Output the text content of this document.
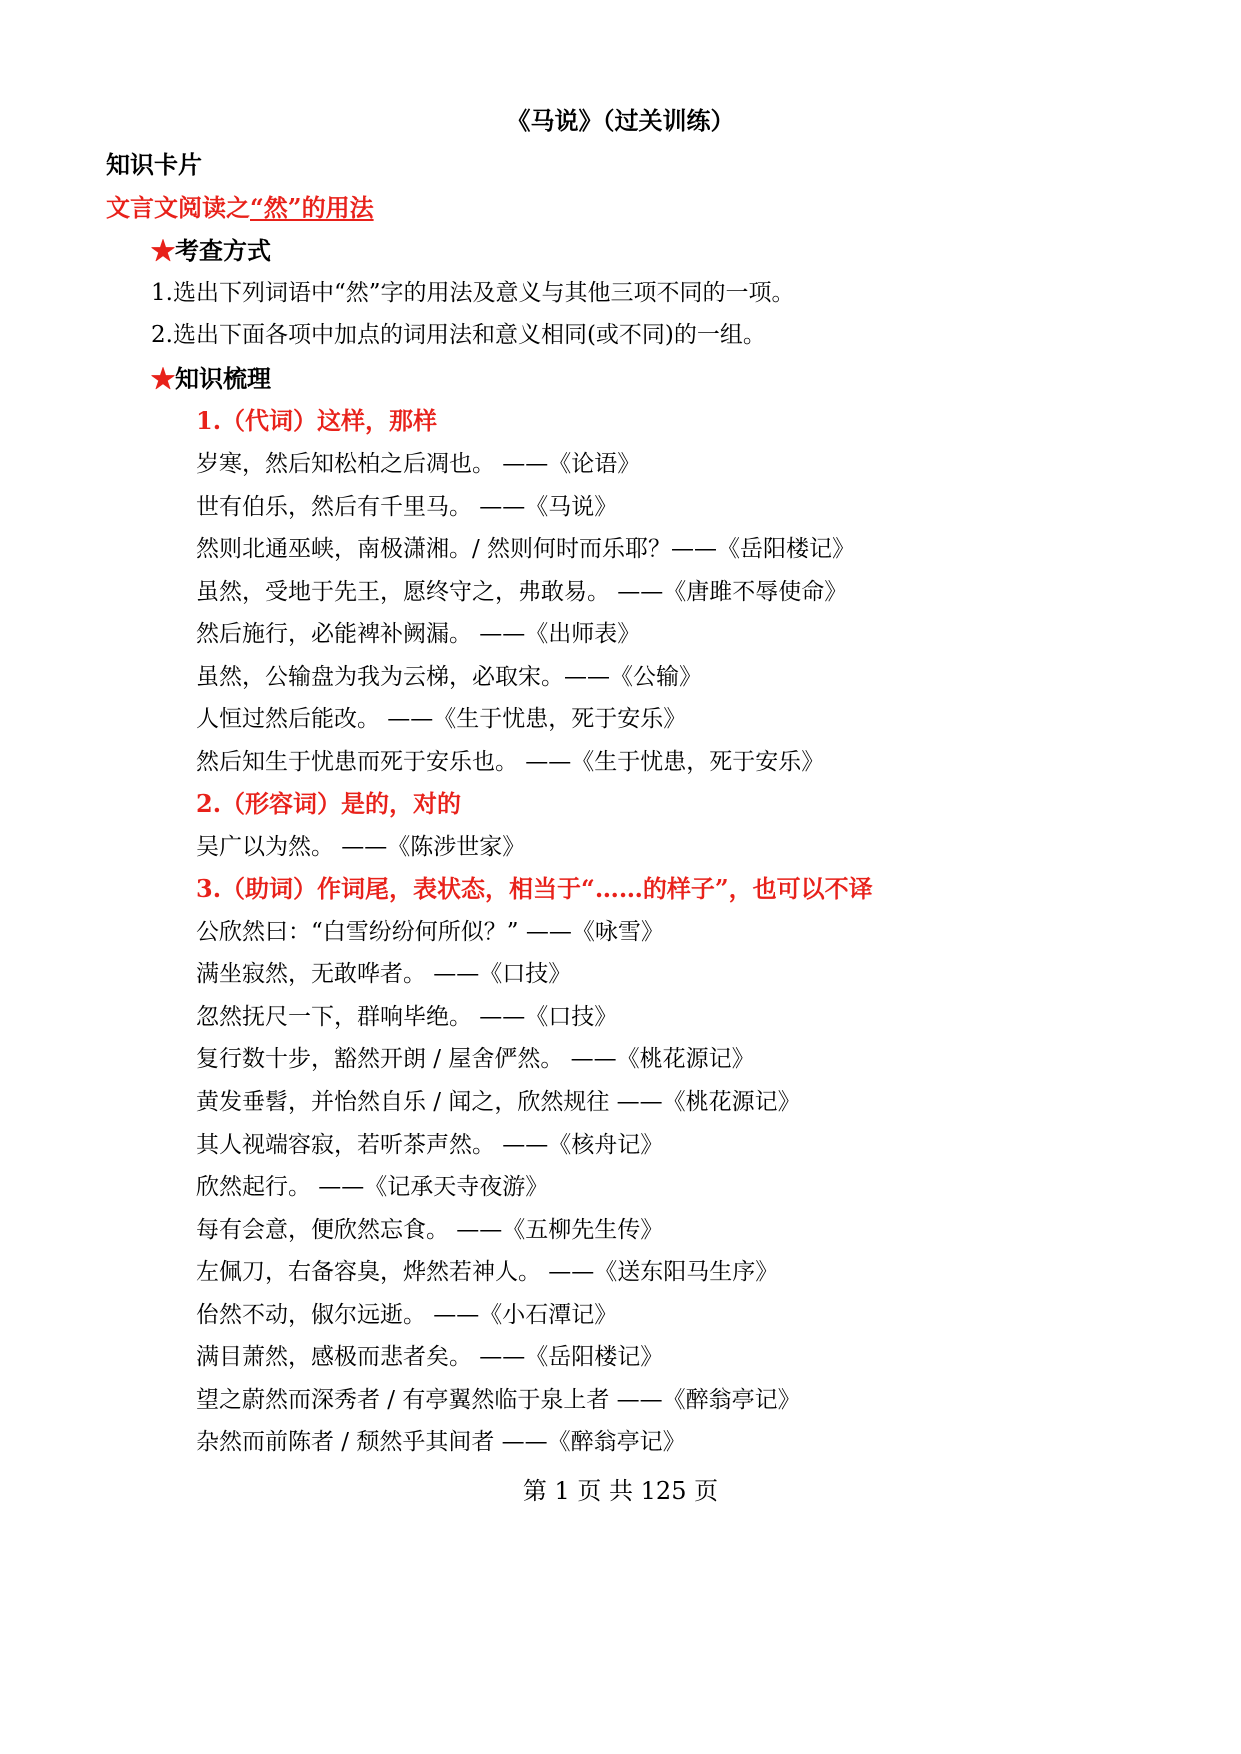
《马说》（过关训练）
知识卡片
文言文阅读之“然”的用法
★考查方式
1.选出下列词语中“然”字的用法及意义与其他三项不同的一项。
2.选出下面各项中加点的词用法和意义相同(或不同)的一组。
★知识梳理
1.（代词）这样，那样
岁寒，然后知松柏之后凋也。 ——《论语》
世有伯乐，然后有千里马。 ——《马说》
然则北通巫峡，南极潇湘。/ 然则何时而乐耶？——《岳阳楼记》
虽然，受地于先王，愿终守之，弗敢易。 ——《唐雎不辱使命》
然后施行，必能裨补阙漏。 ——《出师表》
虽然，公输盘为我为云梯，必取宋。——《公输》
人恒过然后能改。 ——《生于忧患，死于安乐》
然后知生于忧患而死于安乐也。 ——《生于忧患，死于安乐》
2.（形容词）是的，对的
吴广以为然。 ——《陈涉世家》
3.（助词）作词尾，表状态，相当于“……的样子”，也可以不译
公欣然曰：“白雪纷纷何所似？” ——《咏雪》
满坐寂然，无敢哗者。 ——《口技》
忽然抚尺一下，群响毕绝。 ——《口技》
复行数十步，豁然开朗 / 屋舍俨然。 ——《桃花源记》
黄发垂髫，并怡然自乐 / 闻之，欣然规往 ——《桃花源记》
其人视端容寂，若听茶声然。 ——《核舟记》
欣然起行。 ——《记承天寺夜游》
每有会意，便欣然忘食。 ——《五柳先生传》
左佩刀，右备容臭，烨然若神人。 ——《送东阳马生序》
佁然不动，俶尔远逝。 ——《小石潭记》
满目萧然，感极而悲者矣。 ——《岳阳楼记》
望之蔚然而深秀者 / 有亭翼然临于泉上者 ——《醉翁亭记》
杂然而前陈者 / 颓然乎其间者 ——《醉翁亭记》
第 1 页 共 125 页
